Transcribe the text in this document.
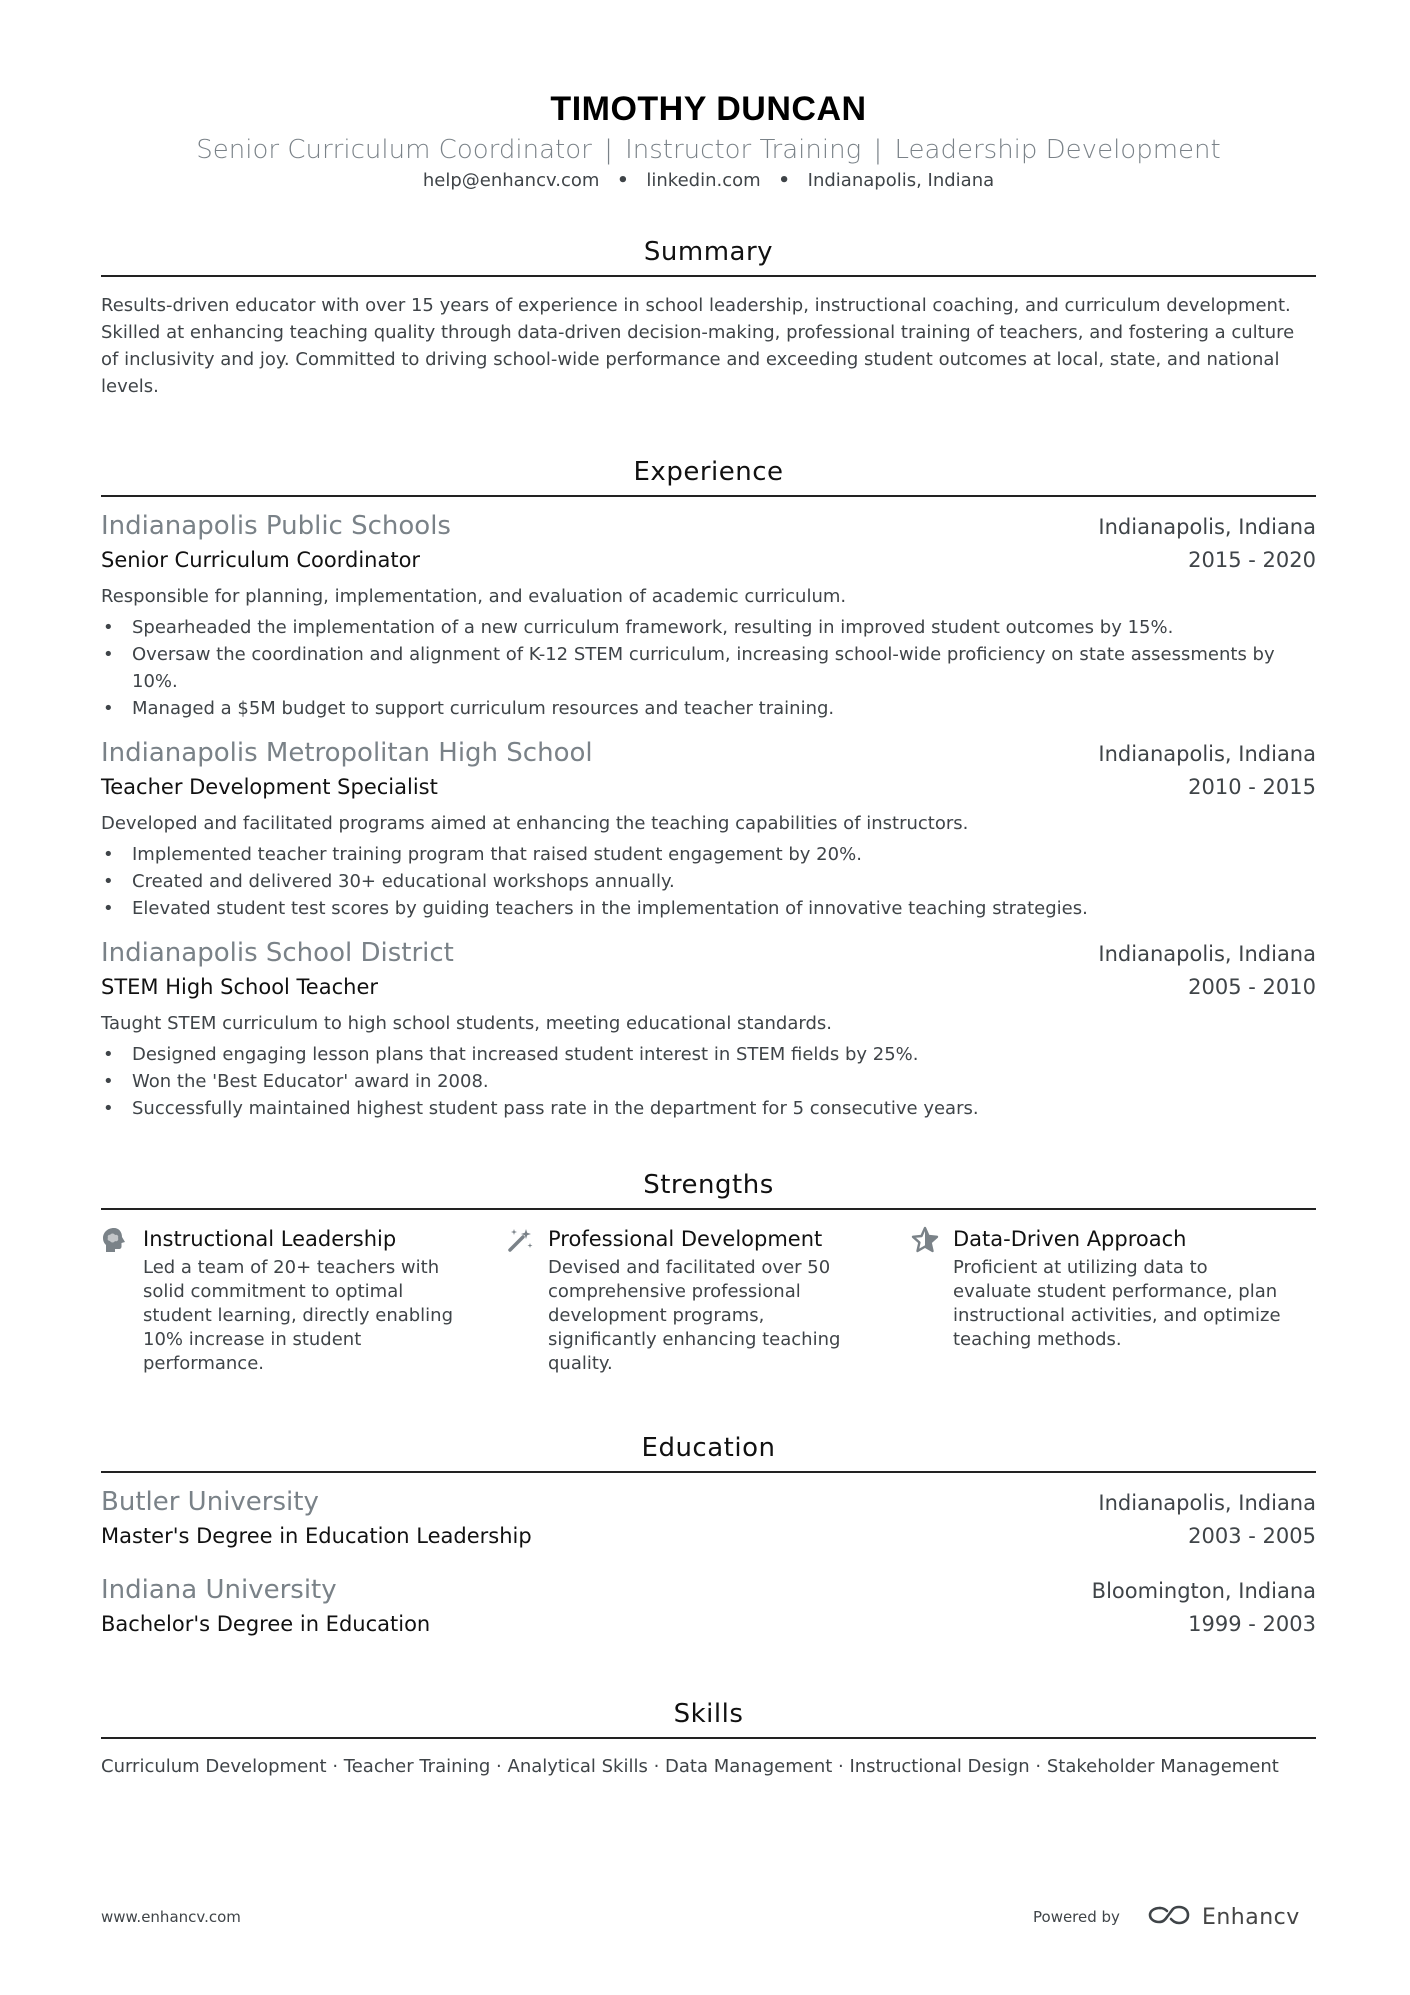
TIMOTHY DUNCAN
Senior Curriculum Coordinator | Instructor Training | Leadership Development
help@enhancv.com • linkedin.com • Indianapolis, Indiana
Summary
Results-driven educator with over 15 years of experience in school leadership, instructional coaching, and curriculum development. Skilled at enhancing teaching quality through data-driven decision-making, professional training of teachers, and fostering a culture of inclusivity and joy. Committed to driving school-wide performance and exceeding student outcomes at local, state, and national levels.
Experience
Indianapolis Public Schools	Indianapolis, Indiana
Senior Curriculum Coordinator	2015 - 2020
Responsible for planning, implementation, and evaluation of academic curriculum.
• Spearheaded the implementation of a new curriculum framework, resulting in improved student outcomes by 15%.
• Oversaw the coordination and alignment of K-12 STEM curriculum, increasing school-wide proficiency on state assessments by 10%.
• Managed a $5M budget to support curriculum resources and teacher training.
Indianapolis Metropolitan High School	Indianapolis, Indiana
Teacher Development Specialist	2010 - 2015
Developed and facilitated programs aimed at enhancing the teaching capabilities of instructors.
• Implemented teacher training program that raised student engagement by 20%.
• Created and delivered 30+ educational workshops annually.
• Elevated student test scores by guiding teachers in the implementation of innovative teaching strategies.
Indianapolis School District	Indianapolis, Indiana
STEM High School Teacher	2005 - 2010
Taught STEM curriculum to high school students, meeting educational standards.
• Designed engaging lesson plans that increased student interest in STEM fields by 25%.
• Won the 'Best Educator' award in 2008.
• Successfully maintained highest student pass rate in the department for 5 consecutive years.
Strengths
Instructional Leadership
Led a team of 20+ teachers with solid commitment to optimal student learning, directly enabling 10% increase in student performance.
Professional Development
Devised and facilitated over 50 comprehensive professional development programs, significantly enhancing teaching quality.
Data-Driven Approach
Proficient at utilizing data to evaluate student performance, plan instructional activities, and optimize teaching methods.
Education
Butler University	Indianapolis, Indiana
Master's Degree in Education Leadership	2003 - 2005
Indiana University	Bloomington, Indiana
Bachelor's Degree in Education	1999 - 2003
Skills
Curriculum Development · Teacher Training · Analytical Skills · Data Management · Instructional Design · Stakeholder Management
www.enhancv.com	Powered by	Enhancv
